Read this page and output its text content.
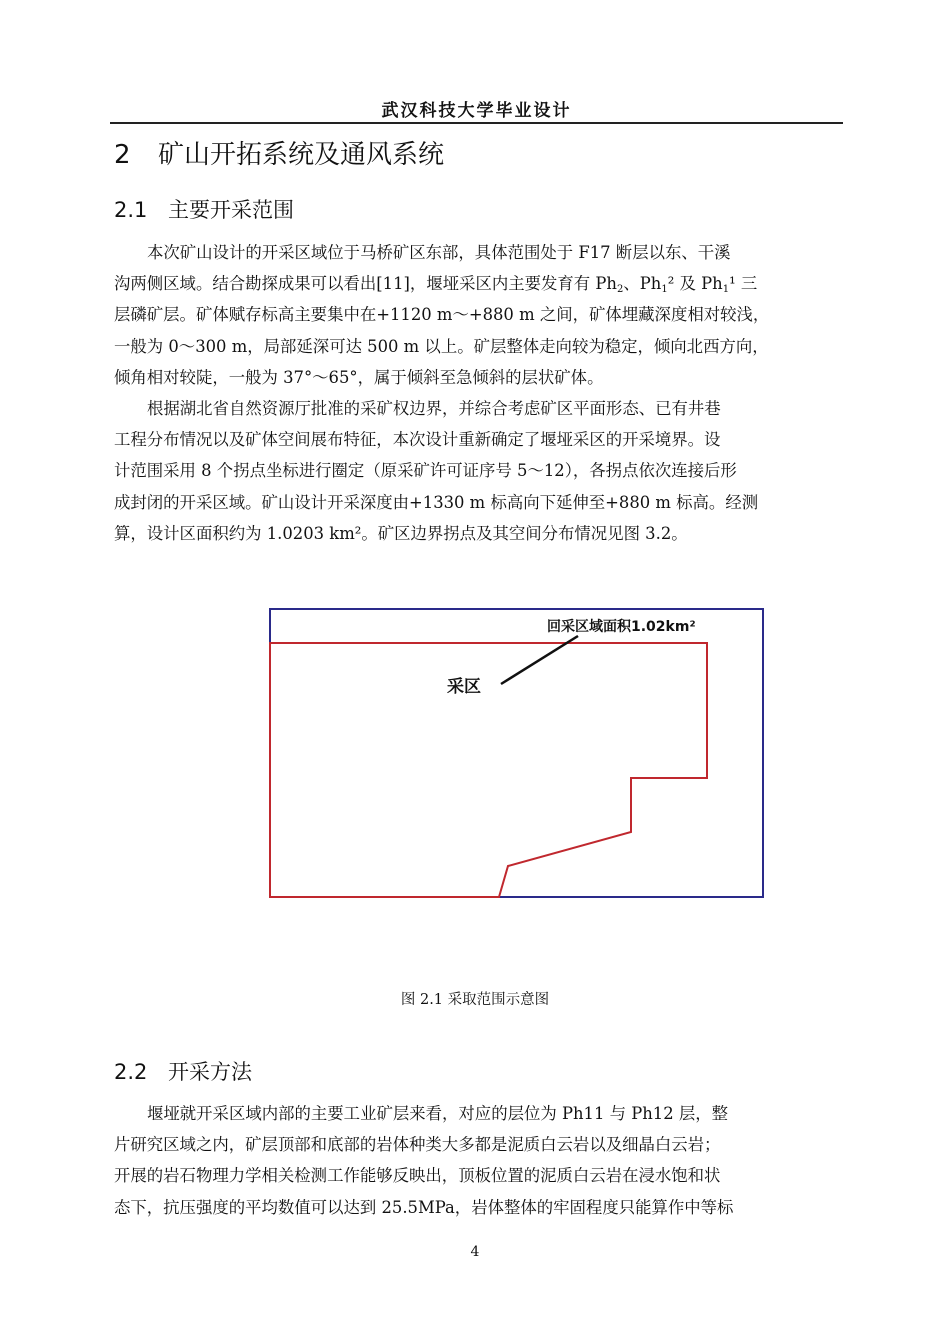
武汉科技大学毕业设计
2 矿山开拓系统及通风系统
2.1 主要开采范围

本次矿山设计的开采区域位于马桥矿区东部，具体范围处于 F17 断层以东、干溪
沟两侧区域。结合勘探成果可以看出[11]，堰垭采区内主要发育有 $Ph_2$、$Ph_1^2$ 及 $Ph_1^1$ 三
层磷矿层。矿体赋存标高主要集中在+1120 m～+880 m 之间，矿体埋藏深度相对较浅，
一般为 0～300 m，局部延深可达 500 m 以上。矿层整体走向较为稳定，倾向北西方向，
倾角相对较陡，一般为 37°～65°，属于倾斜至急倾斜的层状矿体。

根据湖北省自然资源厅批准的采矿权边界，并综合考虑矿区平面形态、已有井巷
工程分布情况以及矿体空间展布特征，本次设计重新确定了堰垭采区的开采境界。设
计范围采用 8 个拐点坐标进行圈定（原采矿许可证序号 5～12），各拐点依次连接后形
成封闭的开采区域。矿山设计开采深度由+1330 m 标高向下延伸至+880 m 标高。经测
算，设计区面积约为 1.0203 km²。矿区边界拐点及其空间分布情况见图 3.2。

回采区域面积1.02km²
采区
图 2.1 采取范围示意图
2.2 开采方法

堰垭就开采区域内部的主要工业矿层来看，对应的层位为 Ph11 与 Ph12 层，整
片研究区域之内，矿层顶部和底部的岩体种类大多都是泥质白云岩以及细晶白云岩；
开展的岩石物理力学相关检测工作能够反映出，顶板位置的泥质白云岩在浸水饱和状
态下，抗压强度的平均数值可以达到 25.5MPa，岩体整体的牢固程度只能算作中等标

4
